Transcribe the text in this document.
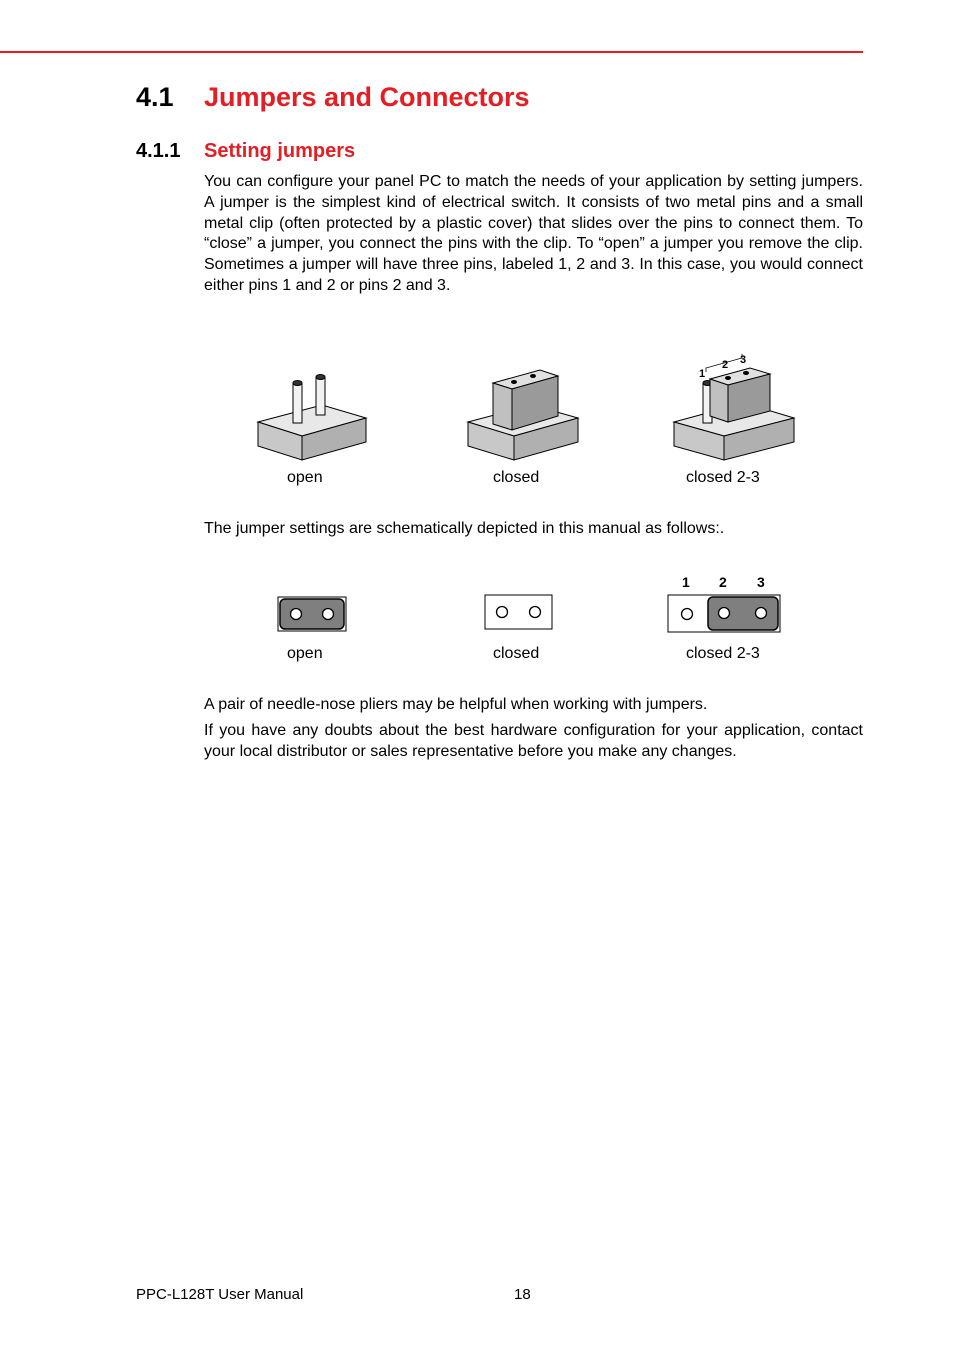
4.1 Jumpers and Connectors
4.1.1 Setting jumpers

You can configure your panel PC to match the needs of your application by setting jumpers. A jumper is the simplest kind of electrical switch. It consists of two metal pins and a small metal clip (often protected by a plastic cover) that slides over the pins to connect them. To “close” a jumper, you connect the pins with the clip. To “open” a jumper you remove the clip. Sometimes a jumper will have three pins, labeled 1, 2 and 3. In this case, you would connect either pins 1 and 2 or pins 2 and 3.

1
2 3
open	closed	closed 2-3

The jumper settings are schematically depicted in this manual as follows:.

1 2 3
open	closed	closed 2-3

A pair of needle-nose pliers may be helpful when working with jumpers.

If you have any doubts about the best hardware configuration for your application, contact your local distributor or sales representative before you make any changes.

PPC-L128T User Manual	18
